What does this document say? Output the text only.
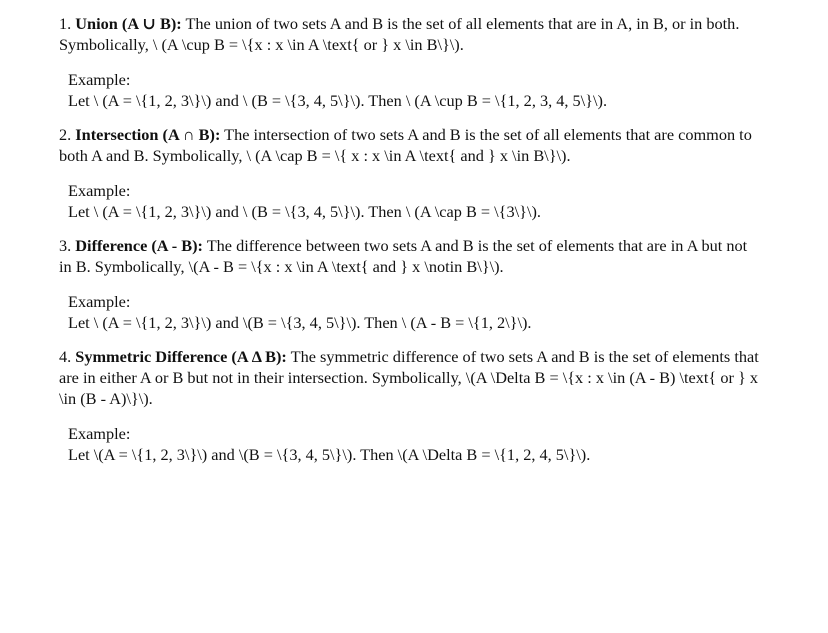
1. Union (A ∪ B): The union of two sets A and B is the set of all elements that are in A, in B, or in both. Symbolically, \ (A \cup B = \{x : x \in A \text{ or } x \in B\}\).

Example:
Let \ (A = \{1, 2, 3\}\) and \ (B = \{3, 4, 5\}\). Then \ (A \cup B = \{1, 2, 3, 4, 5\}\).

2. Intersection (A ∩ B): The intersection of two sets A and B is the set of all elements that are common to both A and B. Symbolically, \ (A \cap B = \{ x : x \in A \text{ and } x \in B\}\).

Example:
Let \ (A = \{1, 2, 3\}\) and \ (B = \{3, 4, 5\}\). Then \ (A \cap B = \{3\}\).

3. Difference (A - B): The difference between two sets A and B is the set of elements that are in A but not in B. Symbolically, \(A - B = \{x : x \in A \text{ and } x \notin B\}\).

Example:
Let \ (A = \{1, 2, 3\}\) and \(B = \{3, 4, 5\}\). Then \ (A - B = \{1, 2\}\).

4. Symmetric Difference (A Δ B): The symmetric difference of two sets A and B is the set of elements that are in either A or B but not in their intersection. Symbolically, \(A \Delta B = \{x : x \in (A - B) \text{ or } x \in (B - A)\}\).

Example:
Let \(A = \{1, 2, 3\}\) and \(B = \{3, 4, 5\}\). Then \(A \Delta B = \{1, 2, 4, 5\}\).
